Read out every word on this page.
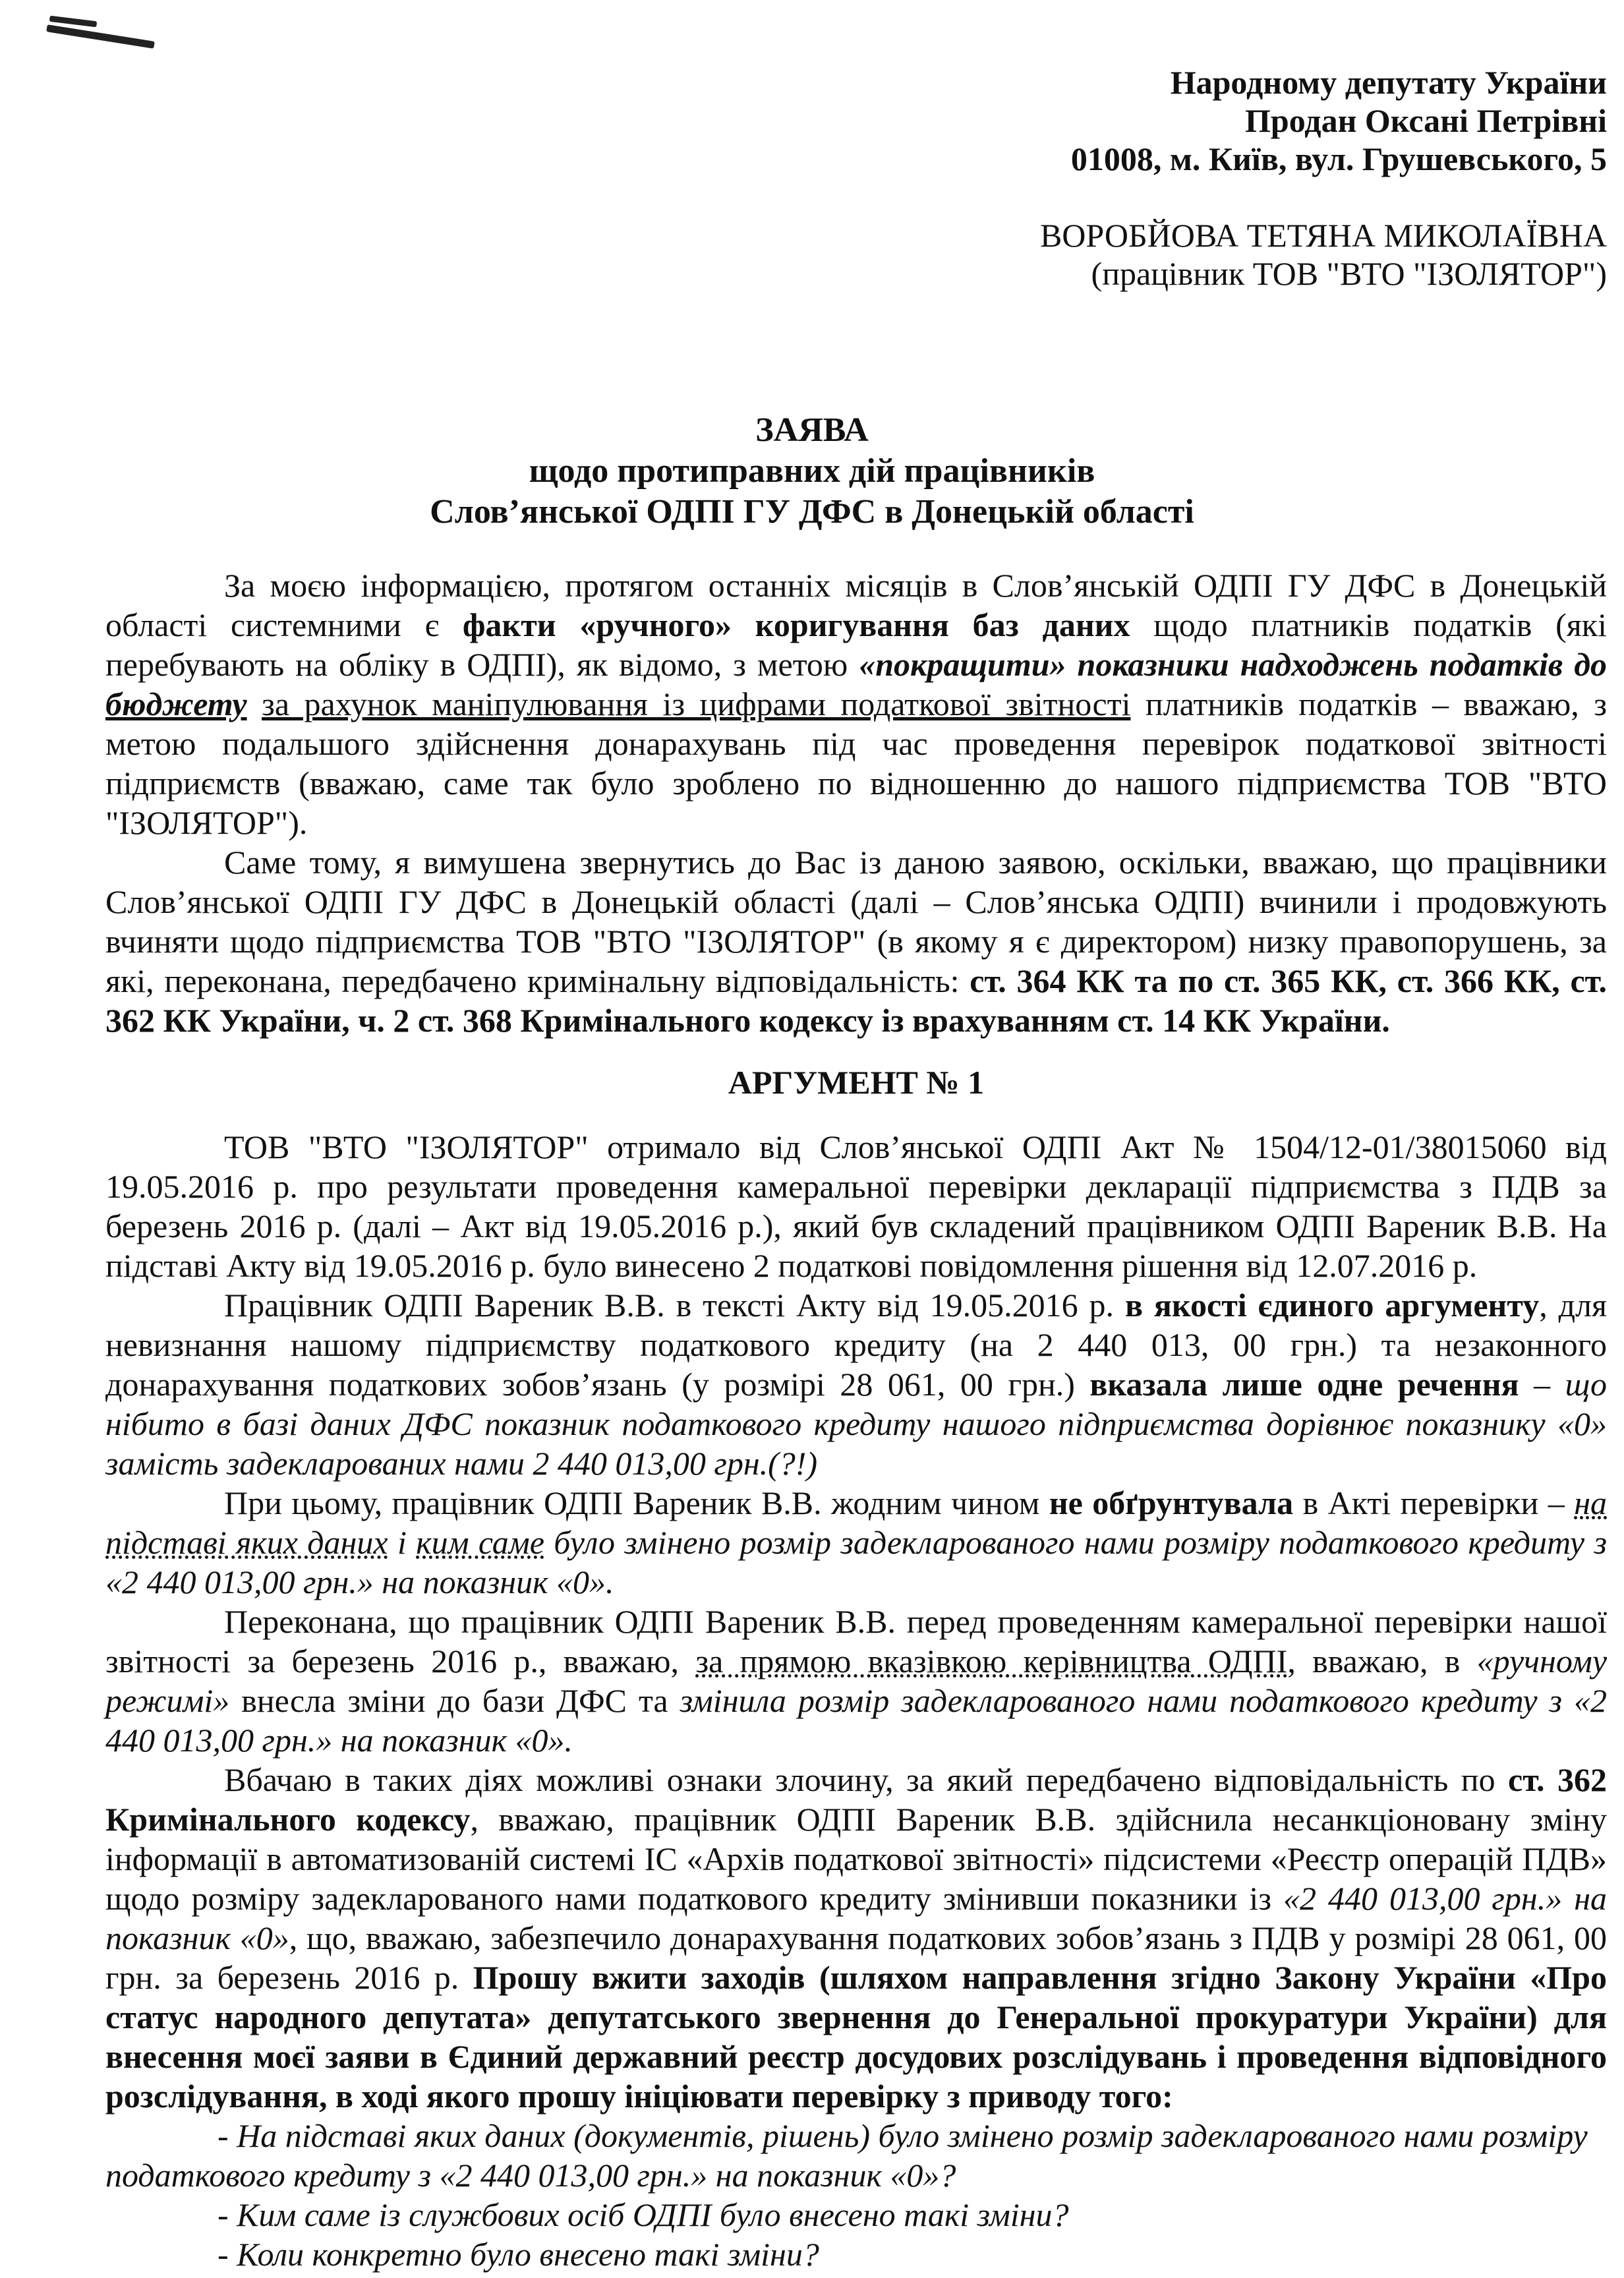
Народному депутату України
Продан Оксані Петрівні
01008, м. Київ, вул. Грушевського, 5
ВОРОБЙОВА ТЕТЯНА МИКОЛАЇВНА
(працівник ТОВ "ВТО "ІЗОЛЯТОР")
ЗАЯВА
щодо протиправних дій працівників
Слов’янської ОДПІ ГУ ДФС в Донецькій області

За моєю інформацією, протягом останніх місяців в Слов’янській ОДПІ ГУ ДФС в Донецькій області системними є факти «ручного» коригування баз даних щодо платників податків (які перебувають на обліку в ОДПІ), як відомо, з метою «покращити» показники надходжень податків до бюджету за рахунок маніпулювання із цифрами податкової звітності платників податків – вважаю, з метою подальшого здійснення донарахувань під час проведення перевірок податкової звітності підприємств (вважаю, саме так було зроблено по відношенню до нашого підприємства ТОВ "ВТО "ІЗОЛЯТОР").

Саме тому, я вимушена звернутись до Вас із даною заявою, оскільки, вважаю, що працівники Слов’янської ОДПІ ГУ ДФС в Донецькій області (далі – Слов’янська ОДПІ) вчинили і продовжують вчиняти щодо підприємства ТОВ "ВТО "ІЗОЛЯТОР" (в якому я є директором) низку правопорушень, за які, переконана, передбачено кримінальну відповідальність: ст. 364 КК та по ст. 365 КК, ст. 366 КК, ст. 362 КК України, ч. 2 ст. 368 Кримінального кодексу із врахуванням ст. 14 КК України.

АРГУМЕНТ № 1

ТОВ "ВТО "ІЗОЛЯТОР" отримало від Слов’янської ОДПІ Акт № 1504/12-01/38015060 від 19.05.2016 р. про результати проведення камеральної перевірки декларації підприємства з ПДВ за березень 2016 р. (далі – Акт від 19.05.2016 р.), який був складений працівником ОДПІ Вареник В.В. На підставі Акту від 19.05.2016 р. було винесено 2 податкові повідомлення рішення від 12.07.2016 р.

Працівник ОДПІ Вареник В.В. в тексті Акту від 19.05.2016 р. в якості єдиного аргументу, для невизнання нашому підприємству податкового кредиту (на 2 440 013, 00 грн.) та незаконного донарахування податкових зобов’язань (у розмірі 28 061, 00 грн.) вказала лише одне речення – що нібито в базі даних ДФС показник податкового кредиту нашого підприємства дорівнює показнику «0» замість задекларованих нами 2 440 013,00 грн.(?!)

При цьому, працівник ОДПІ Вареник В.В. жодним чином не обґрунтувала в Акті перевірки – на підставі яких даних і ким саме було змінено розмір задекларованого нами розміру податкового кредиту з «2 440 013,00 грн.» на показник «0».

Переконана, що працівник ОДПІ Вареник В.В. перед проведенням камеральної перевірки нашої звітності за березень 2016 р., вважаю, за прямою вказівкою керівництва ОДПІ, вважаю, в «ручному режимі» внесла зміни до бази ДФС та змінила розмір задекларованого нами податкового кредиту з «2 440 013,00 грн.» на показник «0».

Вбачаю в таких діях можливі ознаки злочину, за який передбачено відповідальність по ст. 362 Кримінального кодексу, вважаю, працівник ОДПІ Вареник В.В. здійснила несанкціоновану зміну інформації в автоматизованій системі ІС «Архів податкової звітності» підсистеми «Реєстр операцій ПДВ» щодо розміру задекларованого нами податкового кредиту змінивши показники із «2 440 013,00 грн.» на показник «0», що, вважаю, забезпечило донарахування податкових зобов’язань з ПДВ у розмірі 28 061, 00 грн. за березень 2016 р. Прошу вжити заходів (шляхом направлення згідно Закону України «Про статус народного депутата» депутатського звернення до Генеральної прокуратури України) для внесення моєї заяви в Єдиний державний реєстр досудових розслідувань і проведення відповідного розслідування, в ході якого прошу ініціювати перевірку з приводу того:

- На підставі яких даних (документів, рішень) було змінено розмір задекларованого нами розміру податкового кредиту з «2 440 013,00 грн.» на показник «0»?

- Ким саме із службових осіб ОДПІ було внесено такі зміни?

- Коли конкретно було внесено такі зміни?
